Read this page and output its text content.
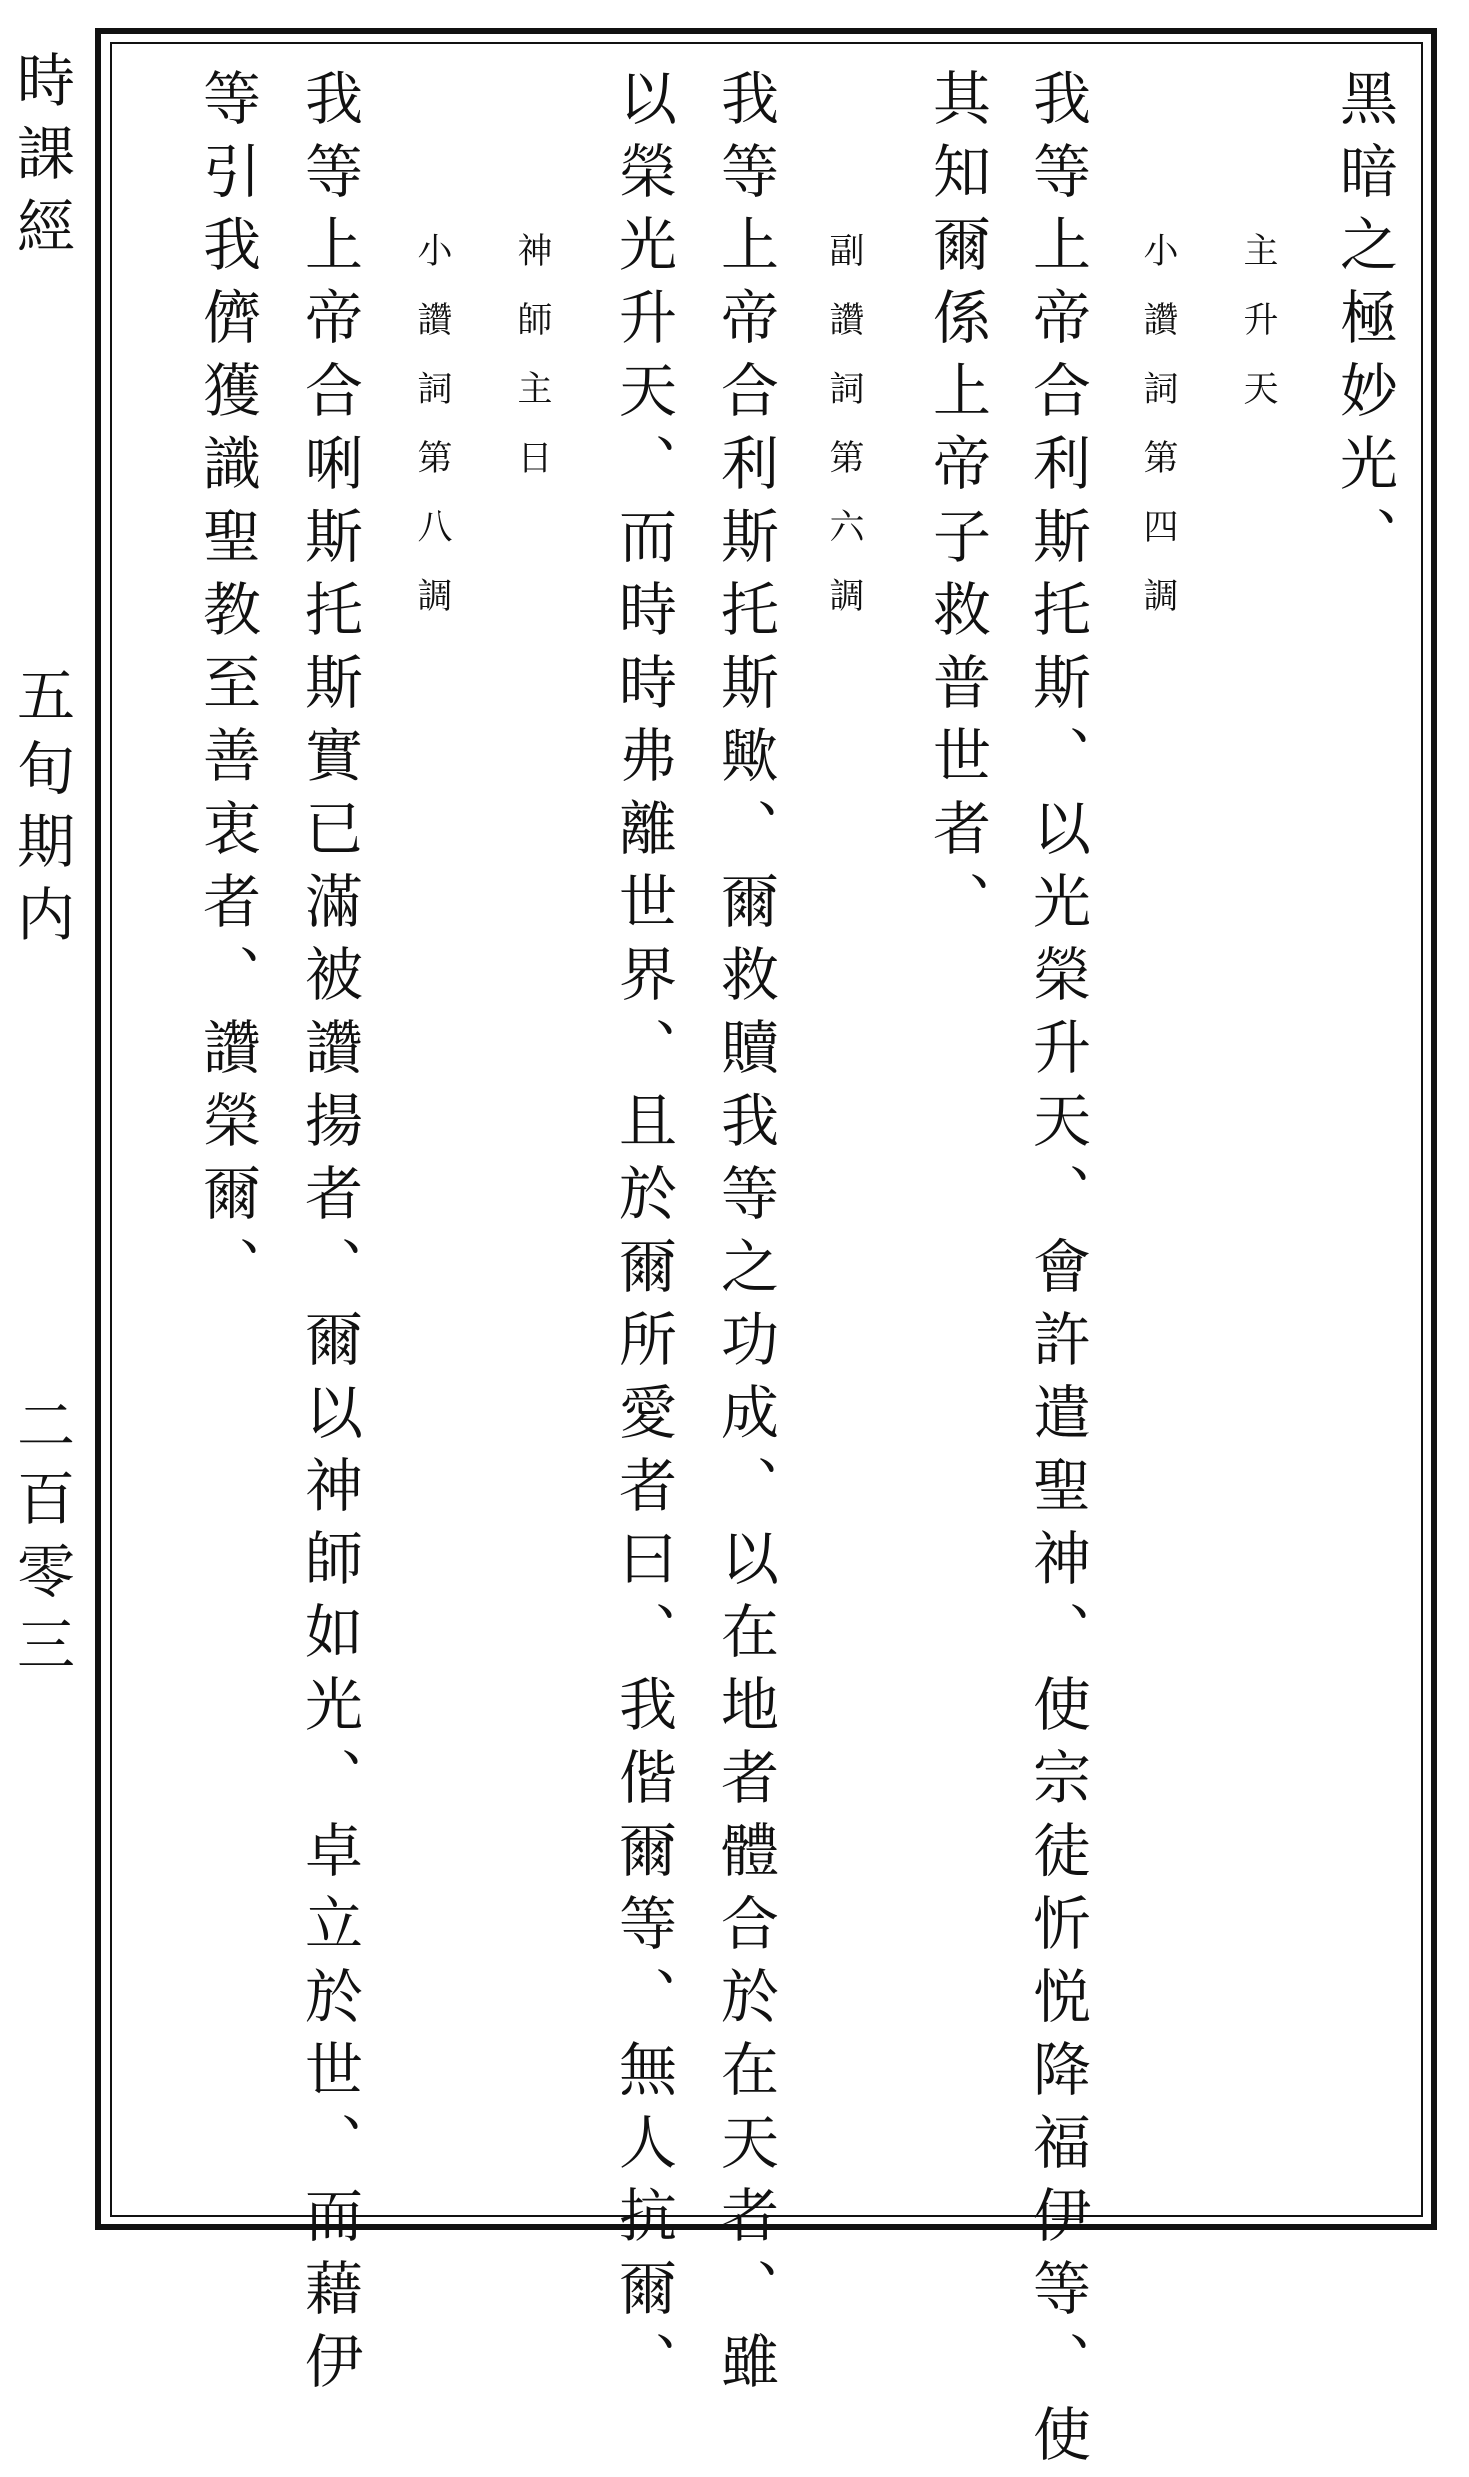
時課經
五旬期内
二百零三
黑暗之極妙光、
主升天
小讚詞第四調
我等上帝合利斯托斯、以光榮升天、會許遣聖神、使宗徒忻悦降福伊等、使
其知爾係上帝子救普世者、
副讚詞第六調
我等上帝合利斯托斯歟、爾救贖我等之功成、以在地者體合於在天者、雖
以榮光升天、而時時弗離世界、且於爾所愛者曰、我偕爾等、無人抗爾、
神師主日
小讚詞第八調
我等上帝合唎斯托斯實已滿被讚揚者、爾以神師如光、卓立於世、而藉伊
等引我儕獲識聖教至善衷者、讚榮爾、
